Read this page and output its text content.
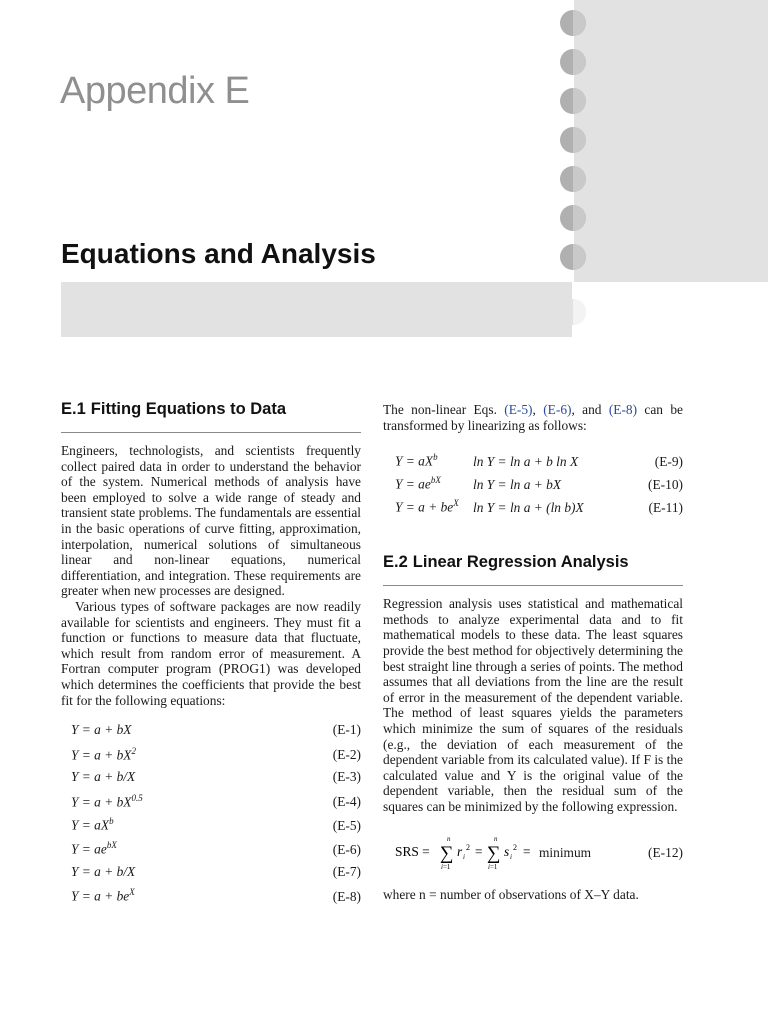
Appendix E
Equations and Analysis
E.1 Fitting Equations to Data

Engineers, technologists, and scientists frequently collect paired data in order to understand the behavior of the system. Numerical methods of analysis have been employed to solve a wide range of steady and transient state problems. The fundamentals are essential in the basic operations of curve fitting, approximation, interpolation, numerical solutions of simultaneous linear and non-linear equations, numerical differentiation, and integration. These requirements are greater when new processes are designed.

Various types of software packages are now readily available for scientists and engineers. They must fit a function or functions to measure data that fluctuate, which result from random error of measurement. A Fortran computer program (PROG1) was developed which determines the coefficients that provide the best fit for the following equations:

Y = a + bX	(E-1)
$Y = a + bX^2$	(E-2)
Y = a + b/X	(E-3)
$Y = a + bX^{0.5}$	(E-4)
$Y = aX^b$	(E-5)
$Y = ae^{bX}$	(E-6)
Y = a + b/X	(E-7)
$Y = a + be^X$	(E-8)

The non-linear Eqs. (E-5), (E-6), and (E-8) can be transformed by linearizing as follows:

$Y = aX^b$	ln Y = ln a + b ln X	(E-9)
$Y = ae^{bX}$	ln Y = ln a + bX	(E-10)
$Y = a + be^X$	ln Y = ln a + (ln b)X	(E-11)
E.2 Linear Regression Analysis

Regression analysis uses statistical and mathematical methods to analyze experimental data and to fit mathematical models to these data. The least squares provide the best method for objectively determining the best straight line through a series of points. The method assumes that all deviations from the line are the result of error in the measurement of the dependent variable. The method of least squares yields the parameters which minimize the sum of squares of the residuals (e.g., the deviation of each measurement of the dependent variable from its calculated value). If F is the calculated value and Y is the original value of the dependent variable, then the residual sum of the squares can be minimized by the following expression.

SRS =
n
∑
i=1
r i
2 =
n
∑
i=1
s i
2 = minimum	(E-12)
where n = number of observations of X–Y data.
